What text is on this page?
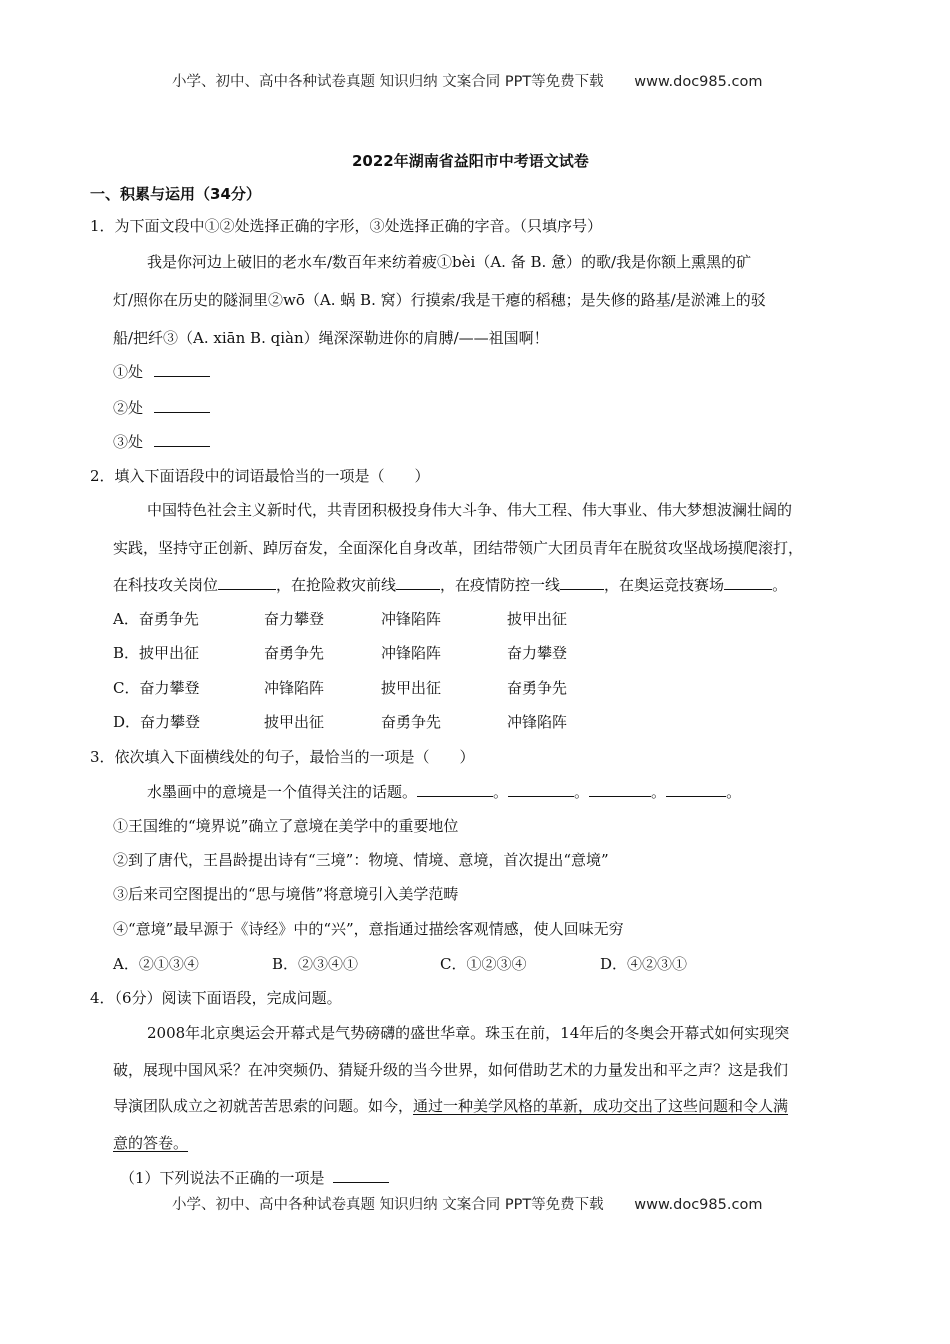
小学、初中、高中各种试卷真题 知识归纳 文案合同 PPT等免费下载 www.doc985.com
2022年湖南省益阳市中考语文试卷
一、积累与运用（34分）
1．为下面文段中①②处选择正确的字形，③处选择正确的字音。（只填序号）
我是你河边上破旧的老水车/数百年来纺着疲①bèi（A. 备 B. 惫）的歌/我是你额上熏黑的矿
灯/照你在历史的隧洞里②wō（A. 蜗 B. 窝）行摸索/我是干瘪的稻穗；是失修的路基/是淤滩上的驳
船/把纤③（A. xiān B. qiàn）绳深深勒进你的肩膊/——祖国啊！
①处
②处
③处
2．填入下面语段中的词语最恰当的一项是（　　）
中国特色社会主义新时代，共青团积极投身伟大斗争、伟大工程、伟大事业、伟大梦想波澜壮阔的
实践，坚持守正创新、踔厉奋发，全面深化自身改革，团结带领广大团员青年在脱贫攻坚战场摸爬滚打，
在科技攻关岗位	，在抢险救灾前线	，在疫情防控一线	，在奥运竞技赛场	。
A．奋勇争先	奋力攀登	冲锋陷阵	披甲出征
B．披甲出征	奋勇争先	冲锋陷阵	奋力攀登
C．奋力攀登	冲锋陷阵	披甲出征	奋勇争先
D．奋力攀登	披甲出征	奋勇争先	冲锋陷阵
3．依次填入下面横线处的句子，最恰当的一项是（　　）
水墨画中的意境是一个值得关注的话题。	。	。	。	。
①王国维的“境界说”确立了意境在美学中的重要地位
②到了唐代，王昌龄提出诗有“三境”：物境、情境、意境，首次提出“意境”
③后来司空图提出的“思与境偕”将意境引入美学范畴
④“意境”最早源于《诗经》中的“兴”，意指通过描绘客观情感，使人回味无穷
A．②①③④	B．②③④①	C．①②③④	D．④②③①
4．（6分）阅读下面语段，完成问题。
2008年北京奥运会开幕式是气势磅礴的盛世华章。珠玉在前，14年后的冬奥会开幕式如何实现突
破，展现中国风采？在冲突频仍、猜疑升级的当今世界，如何借助艺术的力量发出和平之声？这是我们
导演团队成立之初就苦苦思索的问题。如今，通过一种美学风格的革新，成功交出了这些问题和令人满
意的答卷。
（1）下列说法不正确的一项是
小学、初中、高中各种试卷真题 知识归纳 文案合同 PPT等免费下载 www.doc985.com
